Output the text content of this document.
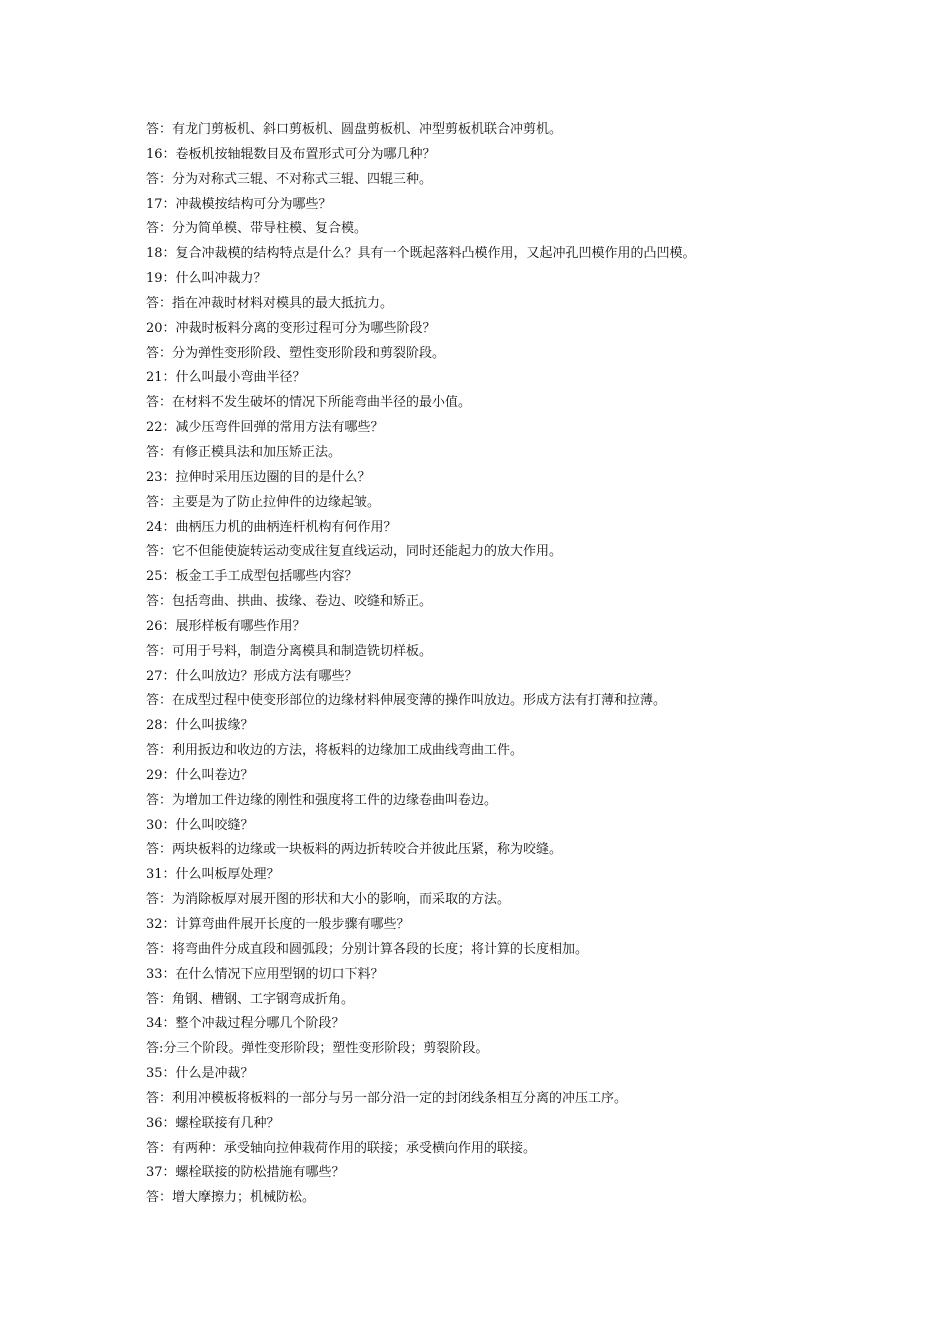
答：有龙门剪板机、斜口剪板机、圆盘剪板机、冲型剪板机联合冲剪机。
16：卷板机按轴辊数目及布置形式可分为哪几种？
答：分为对称式三辊、不对称式三辊、四辊三种。
17：冲裁模按结构可分为哪些？
答：分为简单模、带导柱模、复合模。
18：复合冲裁模的结构特点是什么？具有一个既起落料凸模作用，又起冲孔凹模作用的凸凹模。
19：什么叫冲裁力？
答：指在冲裁时材料对模具的最大抵抗力。
20：冲裁时板料分离的变形过程可分为哪些阶段？
答：分为弹性变形阶段、塑性变形阶段和剪裂阶段。
21：什么叫最小弯曲半径？
答：在材料不发生破坏的情况下所能弯曲半径的最小值。
22：减少压弯件回弹的常用方法有哪些？
答：有修正模具法和加压矫正法。
23：拉伸时采用压边圈的目的是什么？
答：主要是为了防止拉伸件的边缘起皱。
24：曲柄压力机的曲柄连杆机构有何作用？
答：它不但能使旋转运动变成往复直线运动，同时还能起力的放大作用。
25：板金工手工成型包括哪些内容？
答：包括弯曲、拱曲、拔缘、卷边、咬缝和矫正。
26：展形样板有哪些作用？
答：可用于号料，制造分离模具和制造铣切样板。
27：什么叫放边？形成方法有哪些？
答：在成型过程中使变形部位的边缘材料伸展变薄的操作叫放边。形成方法有打薄和拉薄。
28：什么叫拔缘？
答：利用扳边和收边的方法，将板料的边缘加工成曲线弯曲工件。
29：什么叫卷边？
答：为增加工件边缘的刚性和强度将工件的边缘卷曲叫卷边。
30：什么叫咬缝？
答：两块板料的边缘或一块板料的两边折转咬合并彼此压紧，称为咬缝。
31：什么叫板厚处理？
答：为消除板厚对展开图的形状和大小的影响，而采取的方法。
32：计算弯曲件展开长度的一般步骤有哪些？
答：将弯曲件分成直段和圆弧段；分别计算各段的长度；将计算的长度相加。
33：在什么情况下应用型钢的切口下料？
答：角钢、槽钢、工字钢弯成折角。
34：整个冲裁过程分哪几个阶段？
答:分三个阶段。弹性变形阶段；塑性变形阶段；剪裂阶段。
35：什么是冲裁？
答：利用冲模板将板料的一部分与另一部分沿一定的封闭线条相互分离的冲压工序。
36：螺栓联接有几种？
答：有两种：承受轴向拉伸栽荷作用的联接；承受横向作用的联接。
37：螺栓联接的防松措施有哪些？
答：增大摩擦力；机械防松。
